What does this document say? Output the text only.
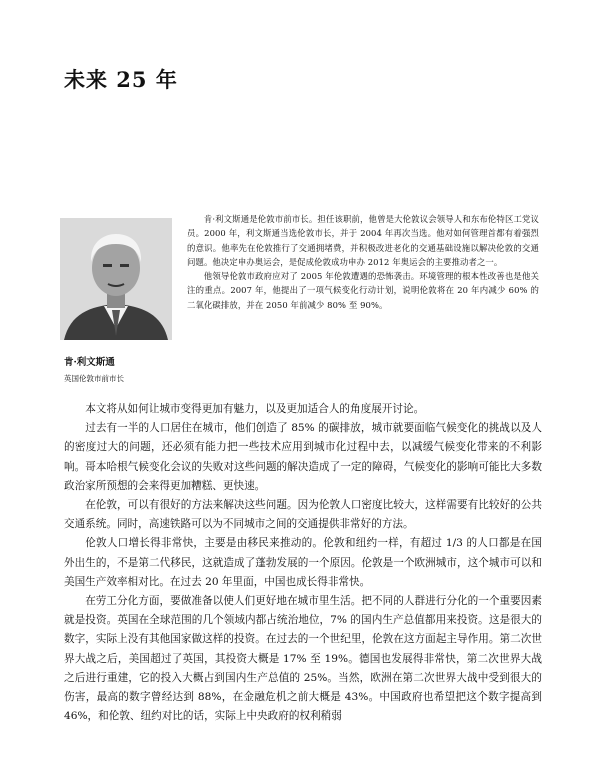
未来 25 年

肯·利文斯通是伦敦市前市长。担任该职前，他曾是大伦敦议会领导人和东布伦特区工党议员。2000 年，利文斯通当选伦敦市长，并于 2004 年再次当选。他对如何管理首都有着强烈的意识。他率先在伦敦推行了交通拥堵费，并积极改进老化的交通基础设施以解决伦敦的交通问题。他决定申办奥运会，是促成伦敦成功申办 2012 年奥运会的主要推动者之一。

他领导伦敦市政府应对了 2005 年伦敦遭遇的恐怖袭击。环境管理的根本性改善也是他关注的重点。2007 年，他提出了一项气候变化行动计划，说明伦敦将在 20 年内减少 60% 的二氧化碳排放，并在 2050 年前减少 80% 至 90%。

肯·利文斯通
英国伦敦市前市长

本文将从如何让城市变得更加有魅力，以及更加适合人的角度展开讨论。

过去有一半的人口居住在城市，他们创造了 85% 的碳排放，城市就要面临气候变化的挑战以及人的密度过大的问题，还必须有能力把一些技术应用到城市化过程中去，以减缓气候变化带来的不利影响。哥本哈根气候变化会议的失败对这些问题的解决造成了一定的障碍，气候变化的影响可能比大多数政治家所预想的会来得更加糟糕、更快速。

在伦敦，可以有很好的方法来解决这些问题。因为伦敦人口密度比较大，这样需要有比较好的公共交通系统。同时，高速铁路可以为不同城市之间的交通提供非常好的方法。

伦敦人口增长得非常快，主要是由移民来推动的。伦敦和纽约一样，有超过 1/3 的人口都是在国外出生的，不是第二代移民，这就造成了蓬勃发展的一个原因。伦敦是一个欧洲城市，这个城市可以和美国生产效率相对比。在过去 20 年里面，中国也成长得非常快。

在劳工分化方面，要做准备以使人们更好地在城市里生活。把不同的人群进行分化的一个重要因素就是投资。英国在全球范围的几个领域内都占统治地位，7% 的国内生产总值都用来投资。这是很大的数字，实际上没有其他国家做这样的投资。在过去的一个世纪里，伦敦在这方面起主导作用。第二次世界大战之后，美国超过了英国，其投资大概是 17% 至 19%。德国也发展得非常快，第二次世界大战之后进行重建，它的投入大概占到国内生产总值的 25%。当然，欧洲在第二次世界大战中受到很大的伤害，最高的数字曾经达到 88%，在金融危机之前大概是 43%。中国政府也希望把这个数字提高到 46%，和伦敦、纽约对比的话，实际上中央政府的权利稍弱
